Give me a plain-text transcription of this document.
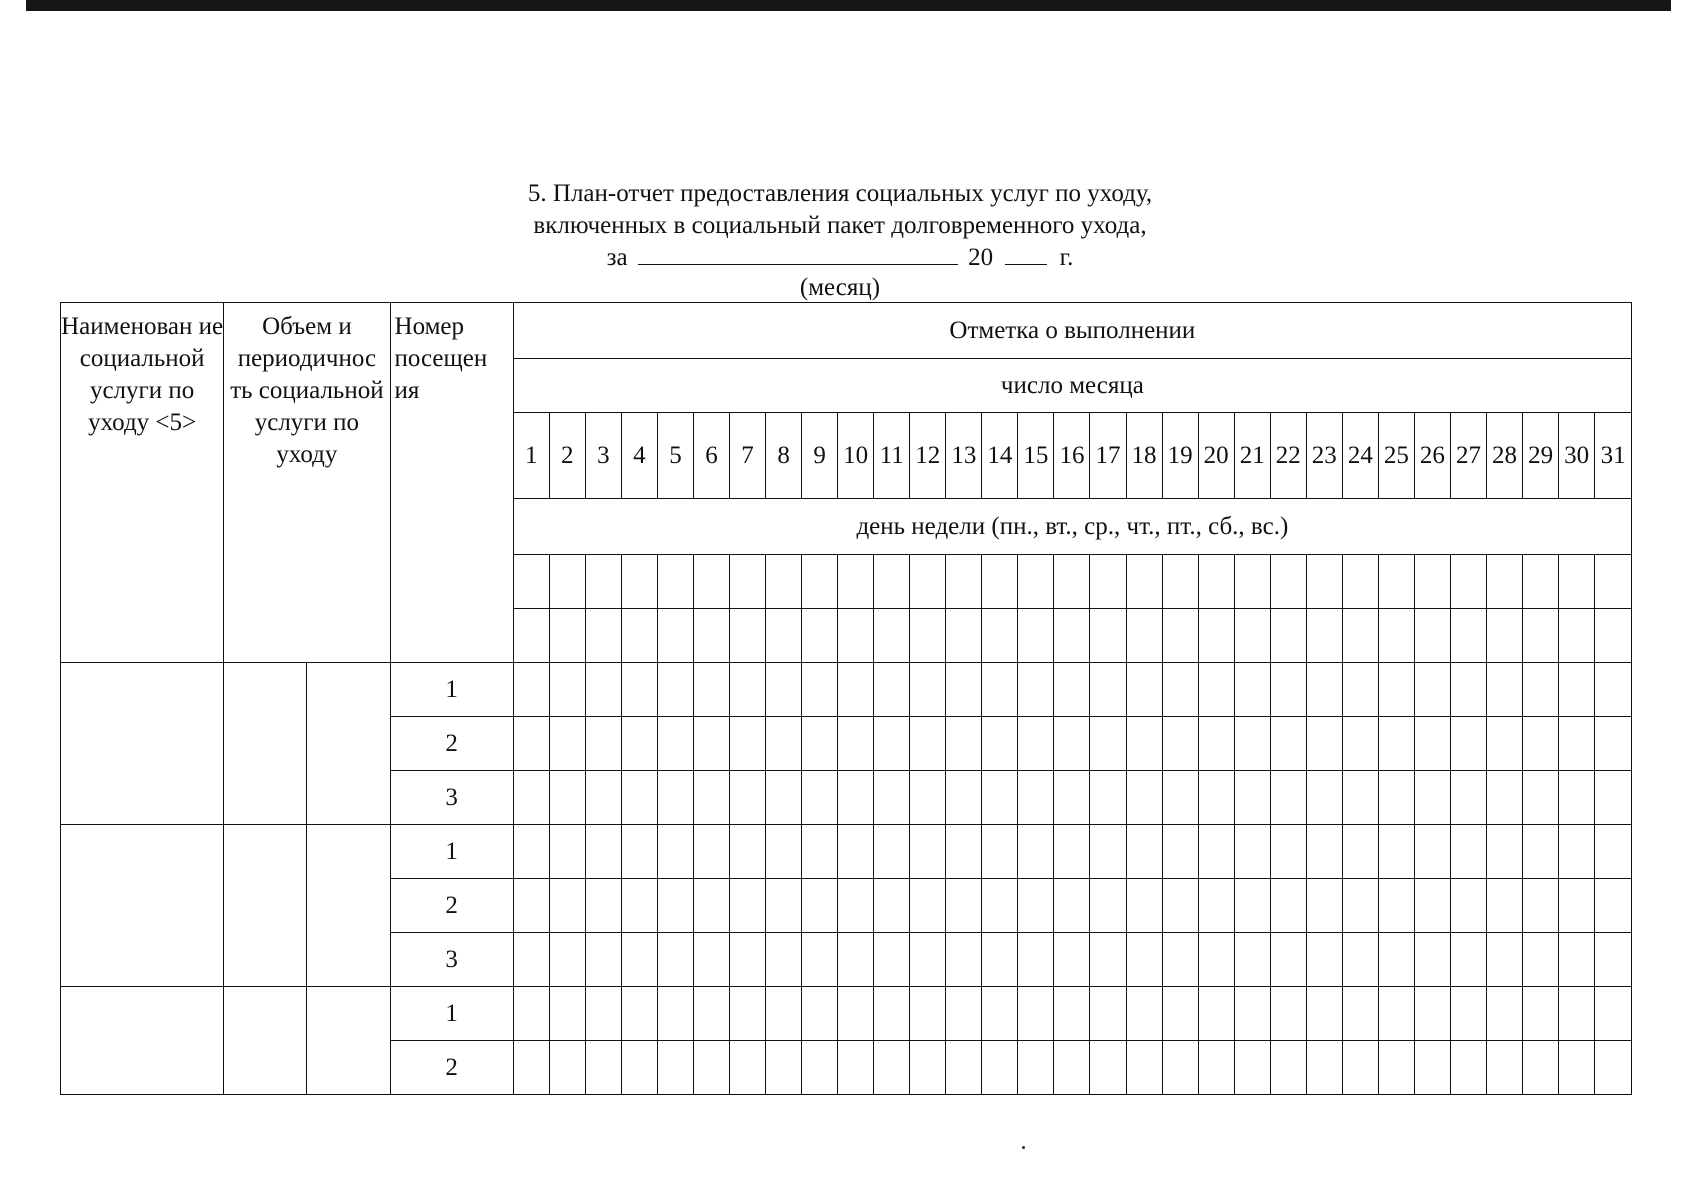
5. План-отчет предоставления социальных услуг по уходу,
включенных в социальный пакет долговременного ухода,
за	20	г.
(месяц)
Наименован ие социальной услуги по уходу <5>	Объем и периодичнос ть социальной услуги по уходу		Номер посещен ия	Отметка о выполнении																														
				число месяца																														
				1	2	3	4	5	6	7	8	9	10	11	12	13	14	15	16	17	18	19	20	21	22	23	24	25	26	27	28	29	30	31
				день недели (пн., вт., ср., чт., пт., сб., вс.)																														

			1																															
			2																															
			3																															
			1																															
			2																															
			3																															
			1																															
			2																															
